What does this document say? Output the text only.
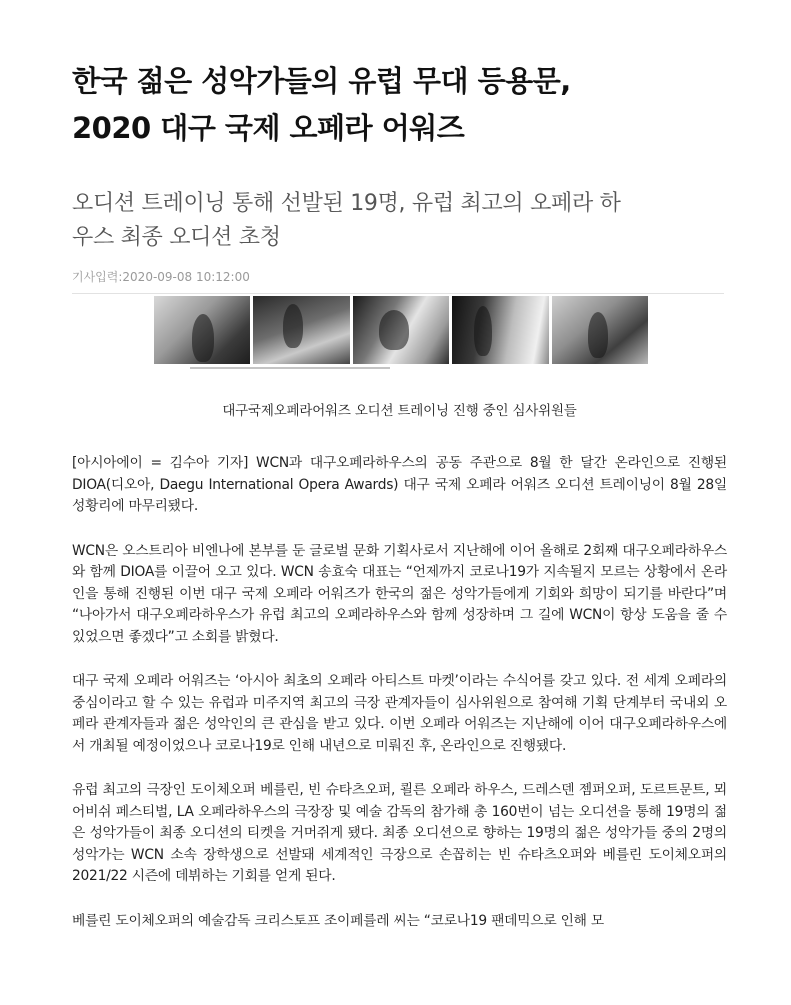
한국 젊은 성악가들의 유럽 무대 등용문,
2020 대구 국제 오페라 어워즈
오디션 트레이닝 통해 선발된 19명, 유럽 최고의 오페라 하
우스 최종 오디션 초청
기사입력:2020-09-08 10:12:00
대구국제오페라어워즈 오디션 트레이닝 진행 중인 심사위원들

[아시아에이 = 김수아 기자] WCN과 대구오페라하우스의 공동 주관으로 8월 한 달간 온라인으로 진행된 DIOA(디오아, Daegu International Opera Awards) 대구 국제 오페라 어워즈 오디션 트레이닝이 8월 28일 성황리에 마무리됐다.

WCN은 오스트리아 비엔나에 본부를 둔 글로벌 문화 기획사로서 지난해에 이어 올해로 2회째 대구오페라하우스와 함께 DIOA를 이끌어 오고 있다. WCN 송효숙 대표는 “언제까지 코로나19가 지속될지 모르는 상황에서 온라인을 통해 진행된 이번 대구 국제 오페라 어워즈가 한국의 젊은 성악가들에게 기회와 희망이 되기를 바란다”며 “나아가서 대구오페라하우스가 유럽 최고의 오페라하우스와 함께 성장하며 그 길에 WCN이 항상 도움을 줄 수 있었으면 좋겠다”고 소회를 밝혔다.

대구 국제 오페라 어워즈는 ‘아시아 최초의 오페라 아티스트 마켓’이라는 수식어를 갖고 있다. 전 세계 오페라의 중심이라고 할 수 있는 유럽과 미주지역 최고의 극장 관계자들이 심사위원으로 참여해 기획 단계부터 국내외 오페라 관계자들과 젊은 성악인의 큰 관심을 받고 있다. 이번 오페라 어워즈는 지난해에 이어 대구오페라하우스에서 개최될 예정이었으나 코로나19로 인해 내년으로 미뤄진 후, 온라인으로 진행됐다.

유럽 최고의 극장인 도이체오퍼 베를린, 빈 슈타츠오퍼, 쾰른 오페라 하우스, 드레스덴 젬퍼오퍼, 도르트문트, 뫼어비쉬 페스티벌, LA 오페라하우스의 극장장 및 예술 감독의 참가해 총 160번이 넘는 오디션을 통해 19명의 젊은 성악가들이 최종 오디션의 티켓을 거머쥐게 됐다. 최종 오디션으로 향하는 19명의 젊은 성악가들 중의 2명의 성악가는 WCN 소속 장학생으로 선발돼 세계적인 극장으로 손꼽히는 빈 슈타츠오퍼와 베를린 도이체오퍼의 2021/22 시즌에 데뷔하는 기회를 얻게 된다.

베를린 도이체오퍼의 예술감독 크리스토프 조이페를레 씨는 “코로나19 팬데믹으로 인해 모
